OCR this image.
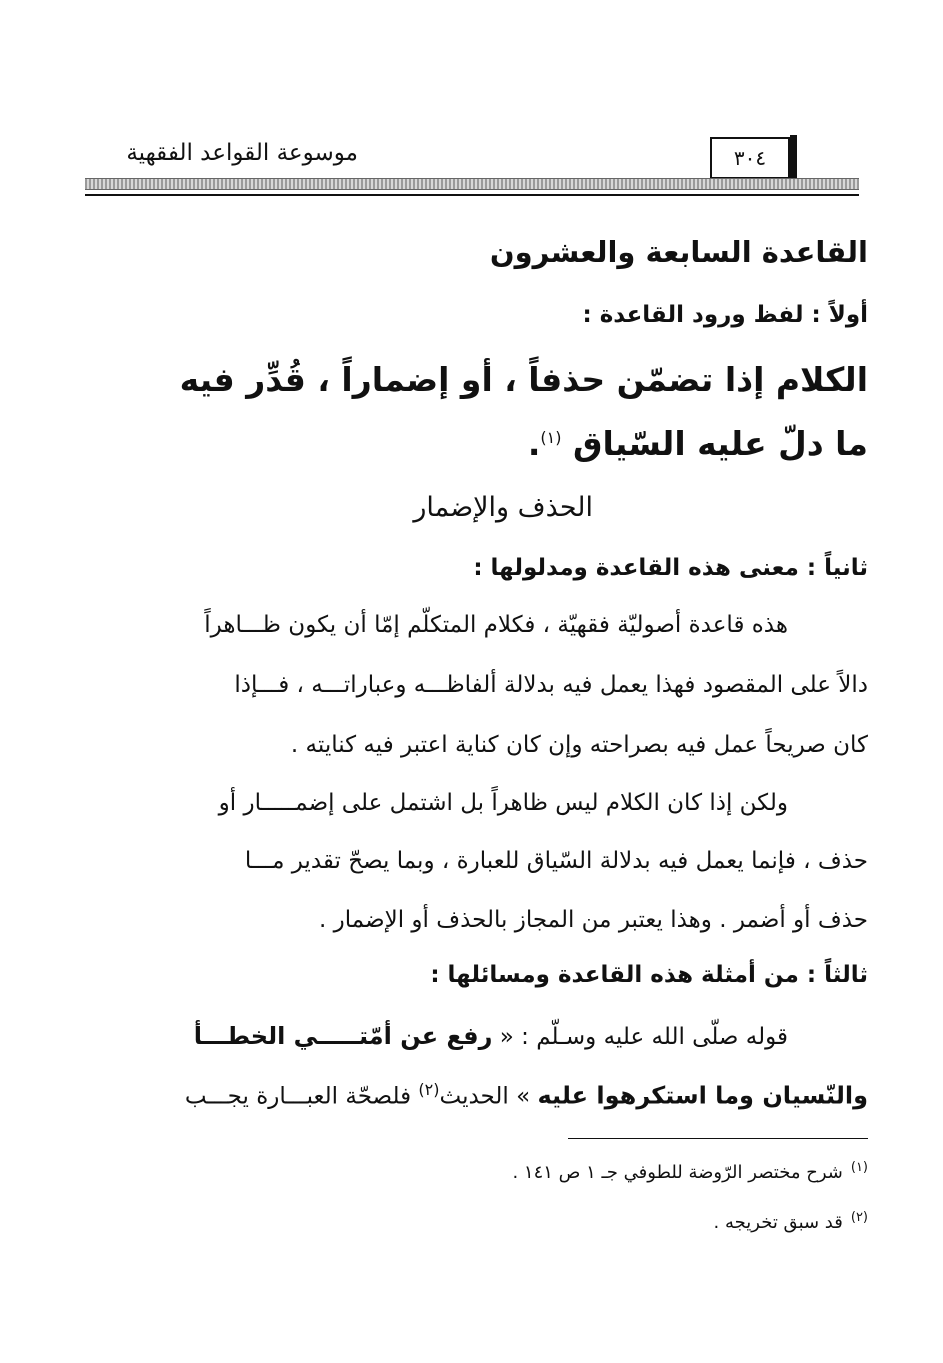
موسوعة القواعد الفقهية	٣٠٤
القاعدة السابعة والعشرون
أولاً : لفظ ورود القاعدة :
الكلام إذا تضمّن حذفاً ، أو إضماراً ، قُدِّر فيه
ما دلّ عليه السّياق $^{(١)}$.
الحذف والإضمار
ثانياً : معنى هذه القاعدة ومدلولها :
هذه قاعدة أصوليّة فقهيّة ، فكلام المتكلّم إمّا أن يكون ظـــاهراً
دالاً على المقصود فهذا يعمل فيه بدلالة ألفاظـــه وعباراتـــه ، فـــإذا
كان صريحاً عمل فيه بصراحته وإن كان كناية اعتبر فيه كنايته .
ولكن إذا كان الكلام ليس ظاهراً بل اشتمل على إضمـــــار أو
حذف ، فإنما يعمل فيه بدلالة السّياق للعبارة ، وبما يصحّ تقدير مـــا
حذف أو أضمر . وهذا يعتبر من المجاز بالحذف أو الإضمار .
ثالثاً : من أمثلة هذه القاعدة ومسائلها :
قوله صلّى الله عليه وسـلّم : « رفع عن أمّتـــــي الخطـــأ
والنّسيان وما استكرهوا عليه » الحديث$^{(٢)}$ فلصحّة العبـــارة يجـــب
$^{(١)}$شرح مختصر الرّوضة للطوفي جـ ١ ص ١٤١ .
$^{(٢)}$قد سبق تخريجه .
